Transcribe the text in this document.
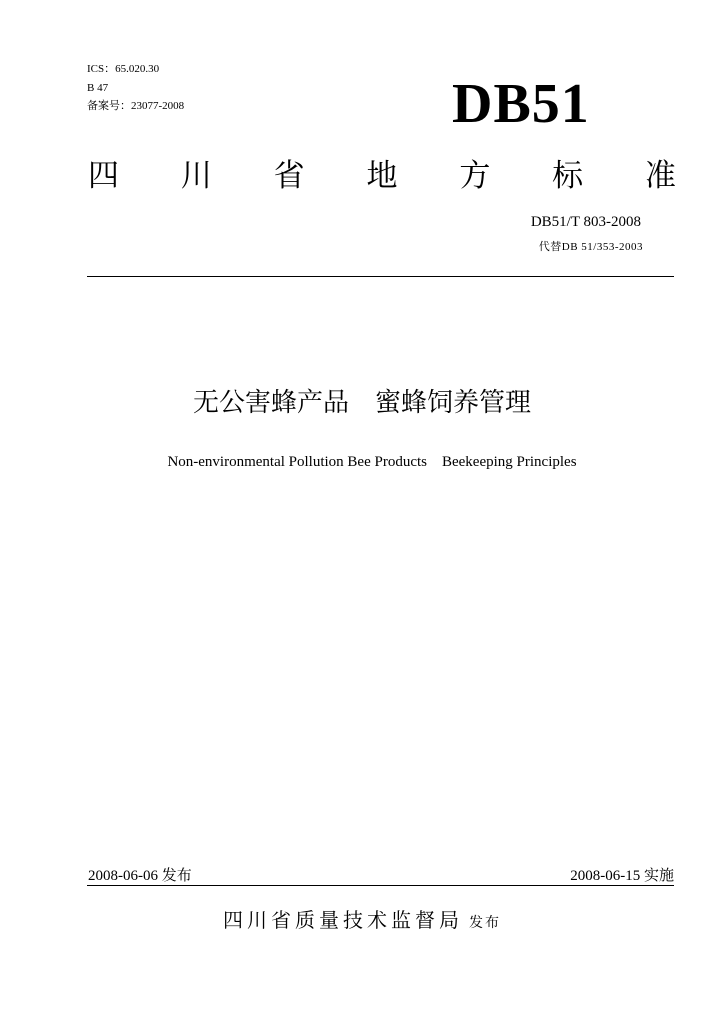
ICS：65.020.30
B 47
备案号：23077-2008	DB51
四 川 省 地 方 标 准
DB51/T 803-2008
代替DB 51/353-2003
无公害蜂产品　蜜蜂饲养管理
Non-environmental Pollution Bee Products    Beekeeping Principles
2008-06-06 发布	2008-06-15 实施
四川省质量技术监督局 发布
